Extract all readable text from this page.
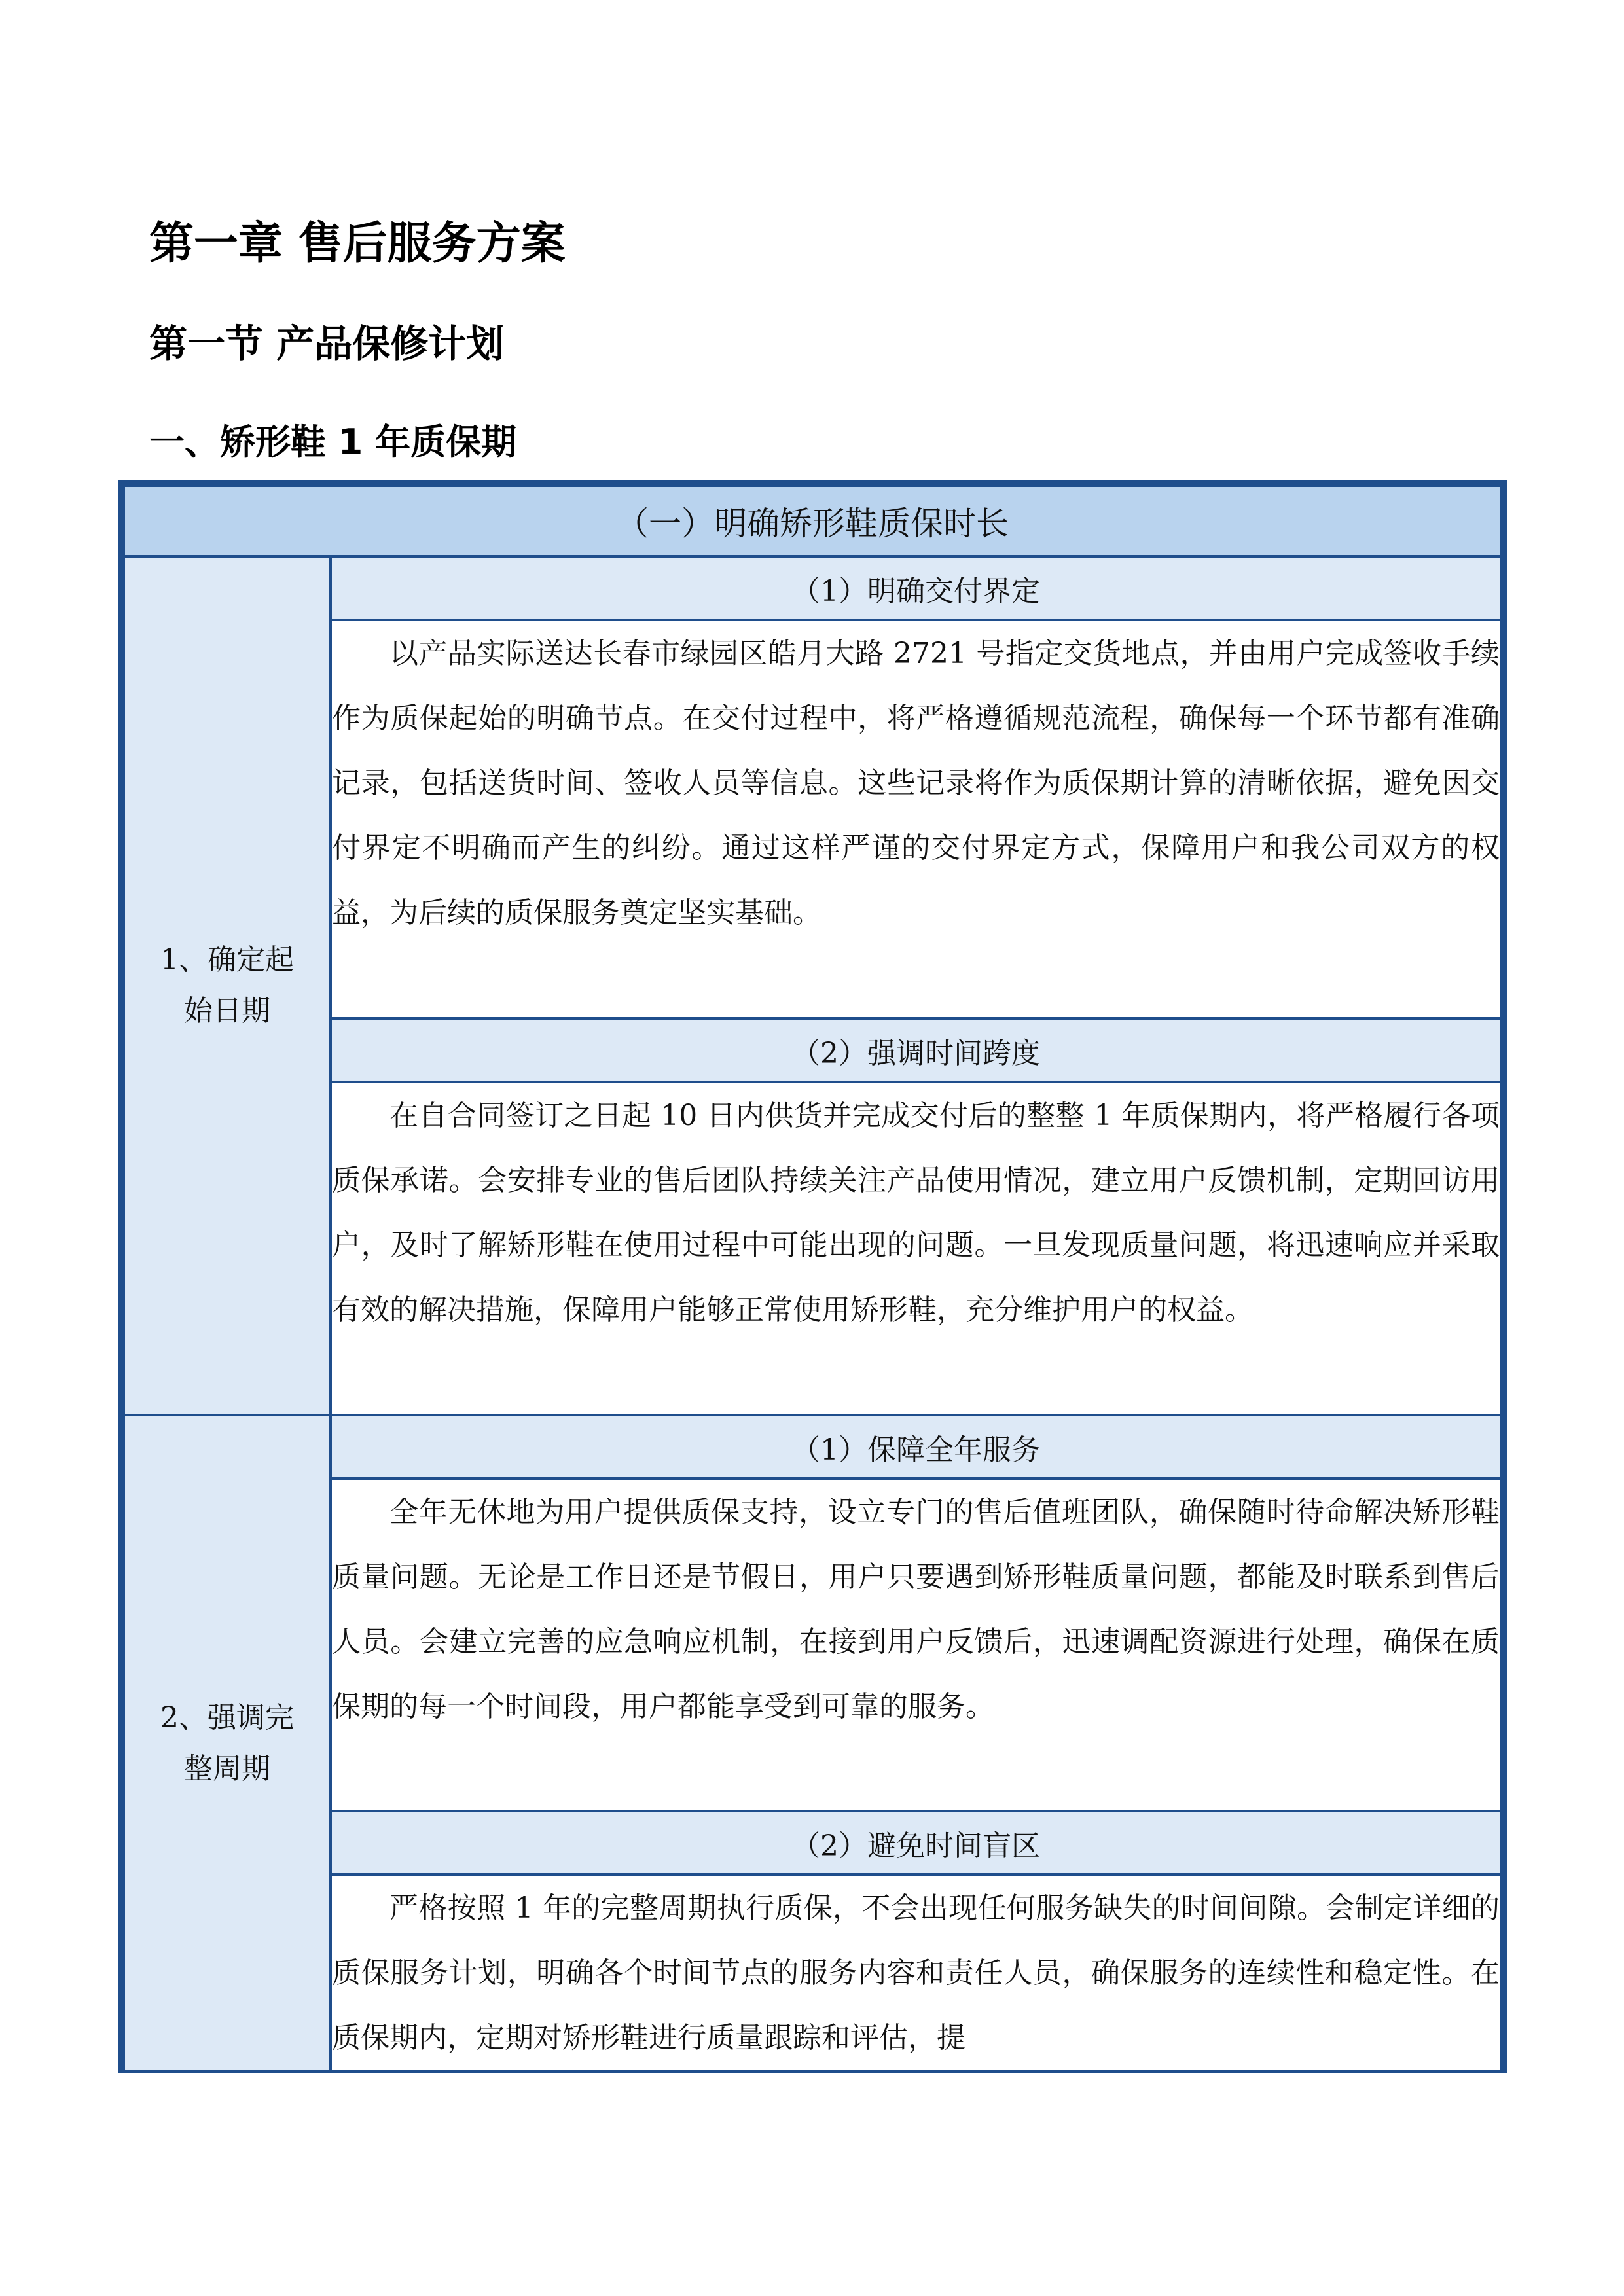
第一章 售后服务方案
第一节 产品保修计划
一、矫形鞋 1 年质保期
（一）明确矫形鞋质保时长	
1、确定起始日期	（1）明确交付界定

	以产品实际送达长春市绿园区皓月大路 2721 号指定交货地点，并由用户完成签收手续作为质保起始的明确节点。在交付过程中，将严格遵循规范流程，确保每一个环节都有准确记录，包括送货时间、签收人员等信息。这些记录将作为质保期计算的清晰依据，避免因交付界定不明确而产生的纠纷。通过这样严谨的交付界定方式，保障用户和我公司双方的权益，为后续的质保服务奠定坚实基础。

	（2）强调时间跨度

	在自合同签订之日起 10 日内供货并完成交付后的整整 1 年质保期内，将严格履行各项质保承诺。会安排专业的售后团队持续关注产品使用情况，建立用户反馈机制，定期回访用户，及时了解矫形鞋在使用过程中可能出现的问题。一旦发现质量问题，将迅速响应并采取有效的解决措施，保障用户能够正常使用矫形鞋，充分维护用户的权益。

2、强调完整周期	（1）保障全年服务

	全年无休地为用户提供质保支持，设立专门的售后值班团队，确保随时待命解决矫形鞋质量问题。无论是工作日还是节假日，用户只要遇到矫形鞋质量问题，都能及时联系到售后人员。会建立完善的应急响应机制，在接到用户反馈后，迅速调配资源进行处理，确保在质保期的每一个时间段，用户都能享受到可靠的服务。

	（2）避免时间盲区

	严格按照 1 年的完整周期执行质保，不会出现任何服务缺失的时间间隙。会制定详细的质保服务计划，明确各个时间节点的服务内容和责任人员，确保服务的连续性和稳定性。在质保期内，定期对矫形鞋进行质量跟踪和评估，提
